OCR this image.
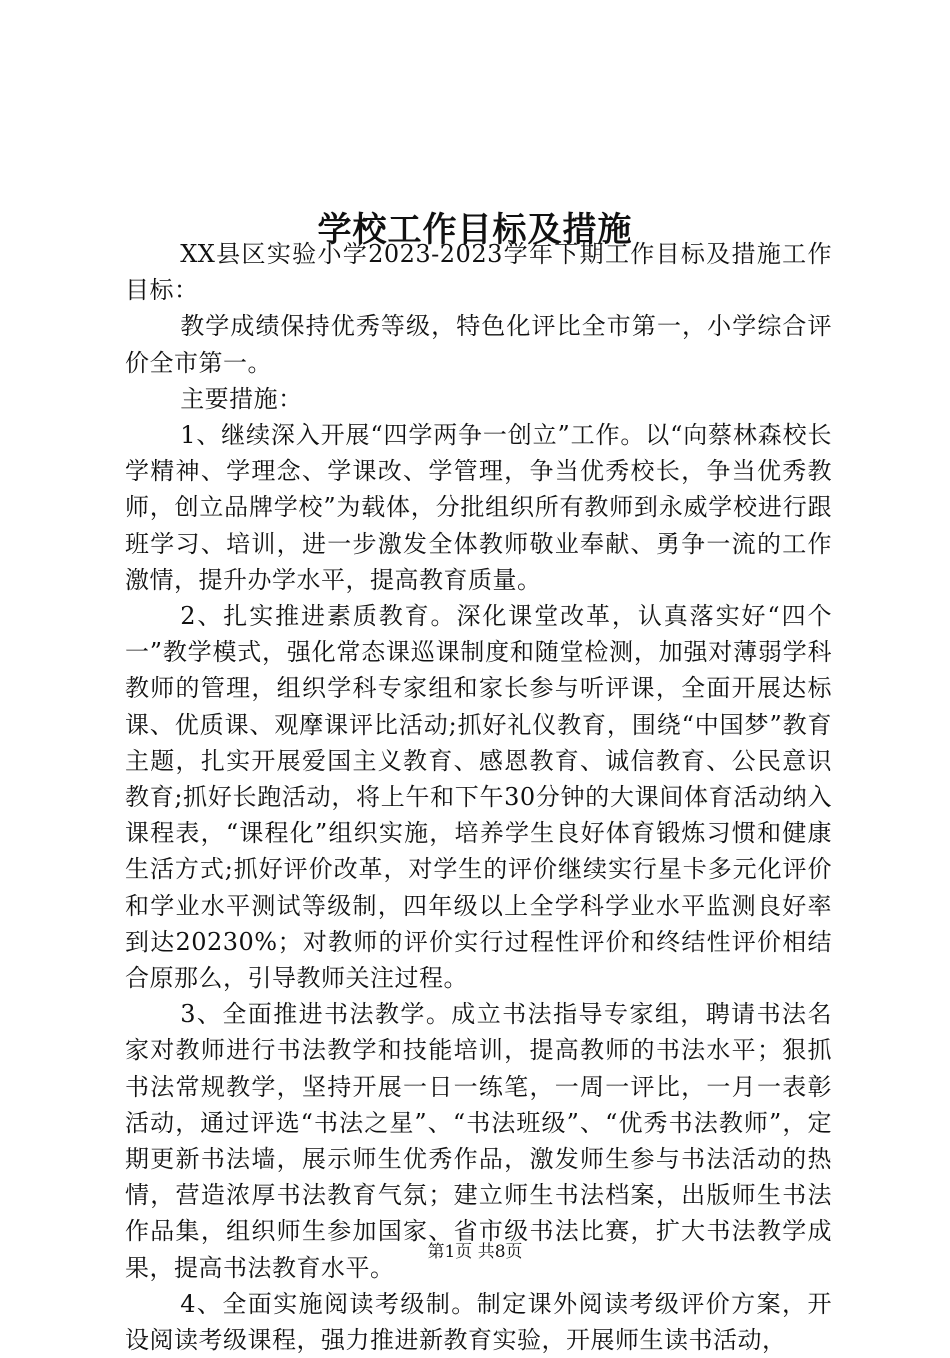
学校工作目标及措施

XX县区实验小学2023-2023学年下期工作目标及措施工作目标：

教学成绩保持优秀等级，特色化评比全市第一，小学综合评价全市第一。

主要措施：

1、继续深入开展“四学两争一创立”工作。以“向蔡林森校长学精神、学理念、学课改、学管理，争当优秀校长，争当优秀教师，创立品牌学校”为载体，分批组织所有教师到永威学校进行跟班学习、培训，进一步激发全体教师敬业奉献、勇争一流的工作激情，提升办学水平，提高教育质量。

2、扎实推进素质教育。深化课堂改革，认真落实好“四个一”教学模式，强化常态课巡课制度和随堂检测，加强对薄弱学科教师的管理，组织学科专家组和家长参与听评课，全面开展达标课、优质课、观摩课评比活动;抓好礼仪教育，围绕“中国梦”教育主题，扎实开展爱国主义教育、感恩教育、诚信教育、公民意识教育;抓好长跑活动，将上午和下午30分钟的大课间体育活动纳入课程表，“课程化”组织实施，培养学生良好体育锻炼习惯和健康生活方式;抓好评价改革，对学生的评价继续实行星卡多元化评价和学业水平测试等级制，四年级以上全学科学业水平监测良好率到达20230%；对教师的评价实行过程性评价和终结性评价相结合原那么，引导教师关注过程。

3、全面推进书法教学。成立书法指导专家组，聘请书法名家对教师进行书法教学和技能培训，提高教师的书法水平；狠抓书法常规教学，坚持开展一日一练笔，一周一评比，一月一表彰活动，通过评选“书法之星”、“书法班级”、“优秀书法教师”，定期更新书法墙，展示师生优秀作品，激发师生参与书法活动的热情，营造浓厚书法教育气氛；建立师生书法档案，出版师生书法作品集，组织师生参加国家、省市级书法比赛，扩大书法教学成果，提高书法教育水平。

4、全面实施阅读考级制。制定课外阅读考级评价方案，开设阅读考级课程，强力推进新教育实验，开展师生读书活动，

第1页 共8页
